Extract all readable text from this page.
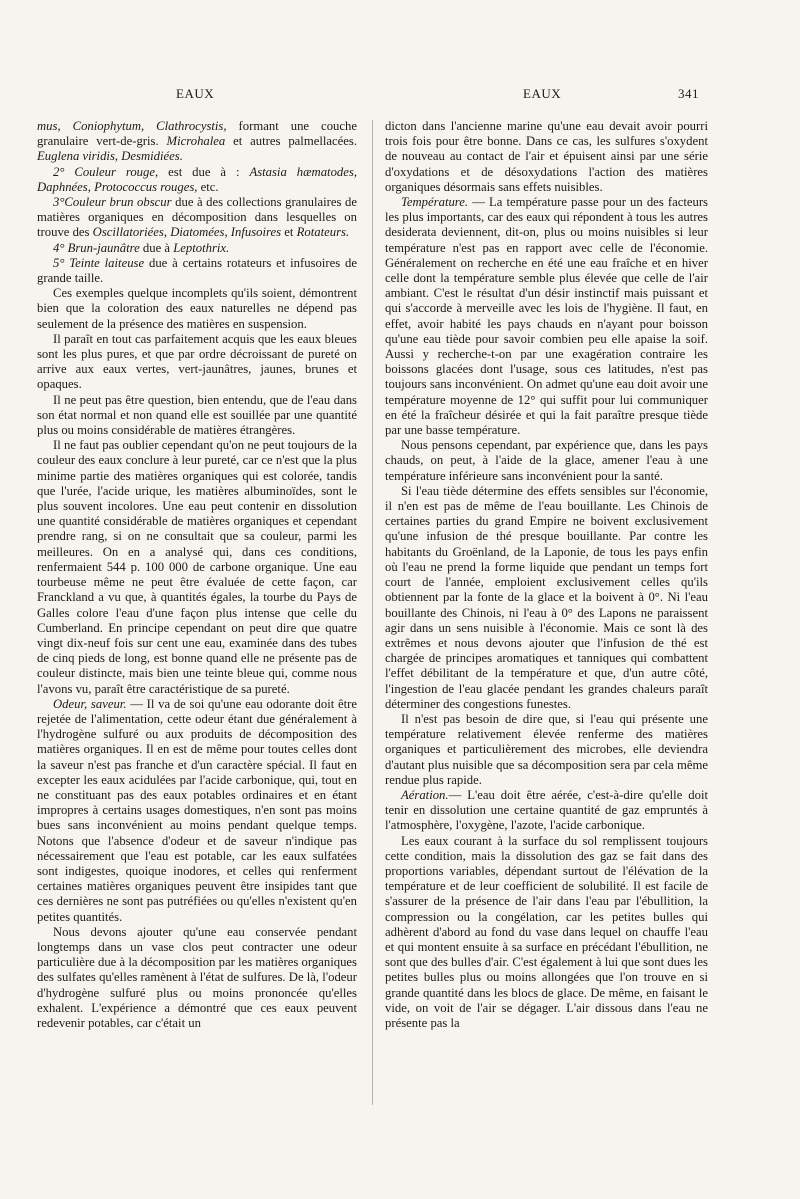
EAUX	EAUX	341

mus, Coniophytum, Clathrocystis, formant une couche granulaire vert-de-gris. Microhalea et autres palmellacées. Euglena viridis, Desmidiées.

2° Couleur rouge, est due à : Astasia hæmatodes, Daphnées, Protococcus rouges, etc.

3°Couleur brun obscur due à des collections granulaires de matières organiques en décomposition dans lesquelles on trouve des Oscillatoriées, Diatomées, Infusoires et Rotateurs.

4° Brun-jaunâtre due à Leptothrix.

5° Teinte laiteuse due à certains rotateurs et infusoires de grande taille.

Ces exemples quelque incomplets qu'ils soient, démontrent bien que la coloration des eaux naturelles ne dépend pas seulement de la présence des matières en suspension.

Il paraît en tout cas parfaitement acquis que les eaux bleues sont les plus pures, et que par ordre décroissant de pureté on arrive aux eaux vertes, vert-jaunâtres, jaunes, brunes et opaques.

Il ne peut pas être question, bien entendu, que de l'eau dans son état normal et non quand elle est souillée par une quantité plus ou moins considérable de matières étrangères.

Il ne faut pas oublier cependant qu'on ne peut toujours de la couleur des eaux conclure à leur pureté, car ce n'est que la plus minime partie des matières organiques qui est colorée, tandis que l'urée, l'acide urique, les matières albuminoïdes, sont le plus souvent incolores. Une eau peut contenir en dissolution une quantité considérable de matières organiques et cependant prendre rang, si on ne consultait que sa couleur, parmi les meilleures. On en a analysé qui, dans ces conditions, renfermaient 544 p. 100 000 de carbone organique. Une eau tourbeuse même ne peut être évaluée de cette façon, car Franckland a vu que, à quantités égales, la tourbe du Pays de Galles colore l'eau d'une façon plus intense que celle du Cumberland. En principe cependant on peut dire que quatre vingt dix-neuf fois sur cent une eau, examinée dans des tubes de cinq pieds de long, est bonne quand elle ne présente pas de couleur distincte, mais bien une teinte bleue qui, comme nous l'avons vu, paraît être caractéristique de sa pureté.

Odeur, saveur. — Il va de soi qu'une eau odorante doit être rejetée de l'alimentation, cette odeur étant due généralement à l'hydrogène sulfuré ou aux produits de décomposition des matières organiques. Il en est de même pour toutes celles dont la saveur n'est pas franche et d'un caractère spécial. Il faut en excepter les eaux acidulées par l'acide carbonique, qui, tout en ne constituant pas des eaux potables ordinaires et en étant impropres à certains usages domestiques, n'en sont pas moins bues sans inconvénient au moins pendant quelque temps. Notons que l'absence d'odeur et de saveur n'indique pas nécessairement que l'eau est potable, car les eaux sulfatées sont indigestes, quoique inodores, et celles qui renferment certaines matières organiques peuvent être insipides tant que ces dernières ne sont pas putréfiées ou qu'elles n'existent qu'en petites quantités.

Nous devons ajouter qu'une eau conservée pendant longtemps dans un vase clos peut contracter une odeur particulière due à la décomposition par les matières organiques des sulfates qu'elles ramènent à l'état de sulfures. De là, l'odeur d'hydrogène sulfuré plus ou moins prononcée qu'elles exhalent. L'expérience a démontré que ces eaux peuvent redevenir potables, car c'était un

dicton dans l'ancienne marine qu'une eau devait avoir pourri trois fois pour être bonne. Dans ce cas, les sulfures s'oxydent de nouveau au contact de l'air et épuisent ainsi par une série d'oxydations et de désoxydations l'action des matières organiques désormais sans effets nuisibles.

Température. — La température passe pour un des facteurs les plus importants, car des eaux qui répondent à tous les autres desiderata deviennent, dit-on, plus ou moins nuisibles si leur température n'est pas en rapport avec celle de l'économie. Généralement on recherche en été une eau fraîche et en hiver celle dont la température semble plus élevée que celle de l'air ambiant. C'est le résultat d'un désir instinctif mais puissant et qui s'accorde à merveille avec les lois de l'hygiène. Il faut, en effet, avoir habité les pays chauds en n'ayant pour boisson qu'une eau tiède pour savoir combien peu elle apaise la soif. Aussi y recherche-t-on par une exagération contraire les boissons glacées dont l'usage, sous ces latitudes, n'est pas toujours sans inconvénient. On admet qu'une eau doit avoir une température moyenne de 12° qui suffit pour lui communiquer en été la fraîcheur désirée et qui la fait paraître presque tiède par une basse température.

Nous pensons cependant, par expérience que, dans les pays chauds, on peut, à l'aide de la glace, amener l'eau à une température inférieure sans inconvénient pour la santé.

Si l'eau tiède détermine des effets sensibles sur l'économie, il n'en est pas de même de l'eau bouillante. Les Chinois de certaines parties du grand Empire ne boivent exclusivement qu'une infusion de thé presque bouillante. Par contre les habitants du Groënland, de la Laponie, de tous les pays enfin où l'eau ne prend la forme liquide que pendant un temps fort court de l'année, emploient exclusivement celles qu'ils obtiennent par la fonte de la glace et la boivent à 0°. Ni l'eau bouillante des Chinois, ni l'eau à 0° des Lapons ne paraissent agir dans un sens nuisible à l'économie. Mais ce sont là des extrêmes et nous devons ajouter que l'infusion de thé est chargée de principes aromatiques et tanniques qui combattent l'effet débilitant de la température et que, d'un autre côté, l'ingestion de l'eau glacée pendant les grandes chaleurs paraît déterminer des congestions funestes.

Il n'est pas besoin de dire que, si l'eau qui présente une température relativement élevée renferme des matières organiques et particulièrement des microbes, elle deviendra d'autant plus nuisible que sa décomposition sera par cela même rendue plus rapide.

Aération.— L'eau doit être aérée, c'est-à-dire qu'elle doit tenir en dissolution une certaine quantité de gaz empruntés à l'atmosphère, l'oxygène, l'azote, l'acide carbonique.

Les eaux courant à la surface du sol remplissent toujours cette condition, mais la dissolution des gaz se fait dans des proportions variables, dépendant surtout de l'élévation de la température et de leur coefficient de solubilité. Il est facile de s'assurer de la présence de l'air dans l'eau par l'ébullition, la compression ou la congélation, car les petites bulles qui adhèrent d'abord au fond du vase dans lequel on chauffe l'eau et qui montent ensuite à sa surface en précédant l'ébullition, ne sont que des bulles d'air. C'est également à lui que sont dues les petites bulles plus ou moins allongées que l'on trouve en si grande quantité dans les blocs de glace. De même, en faisant le vide, on voit de l'air se dégager. L'air dissous dans l'eau ne présente pas la
